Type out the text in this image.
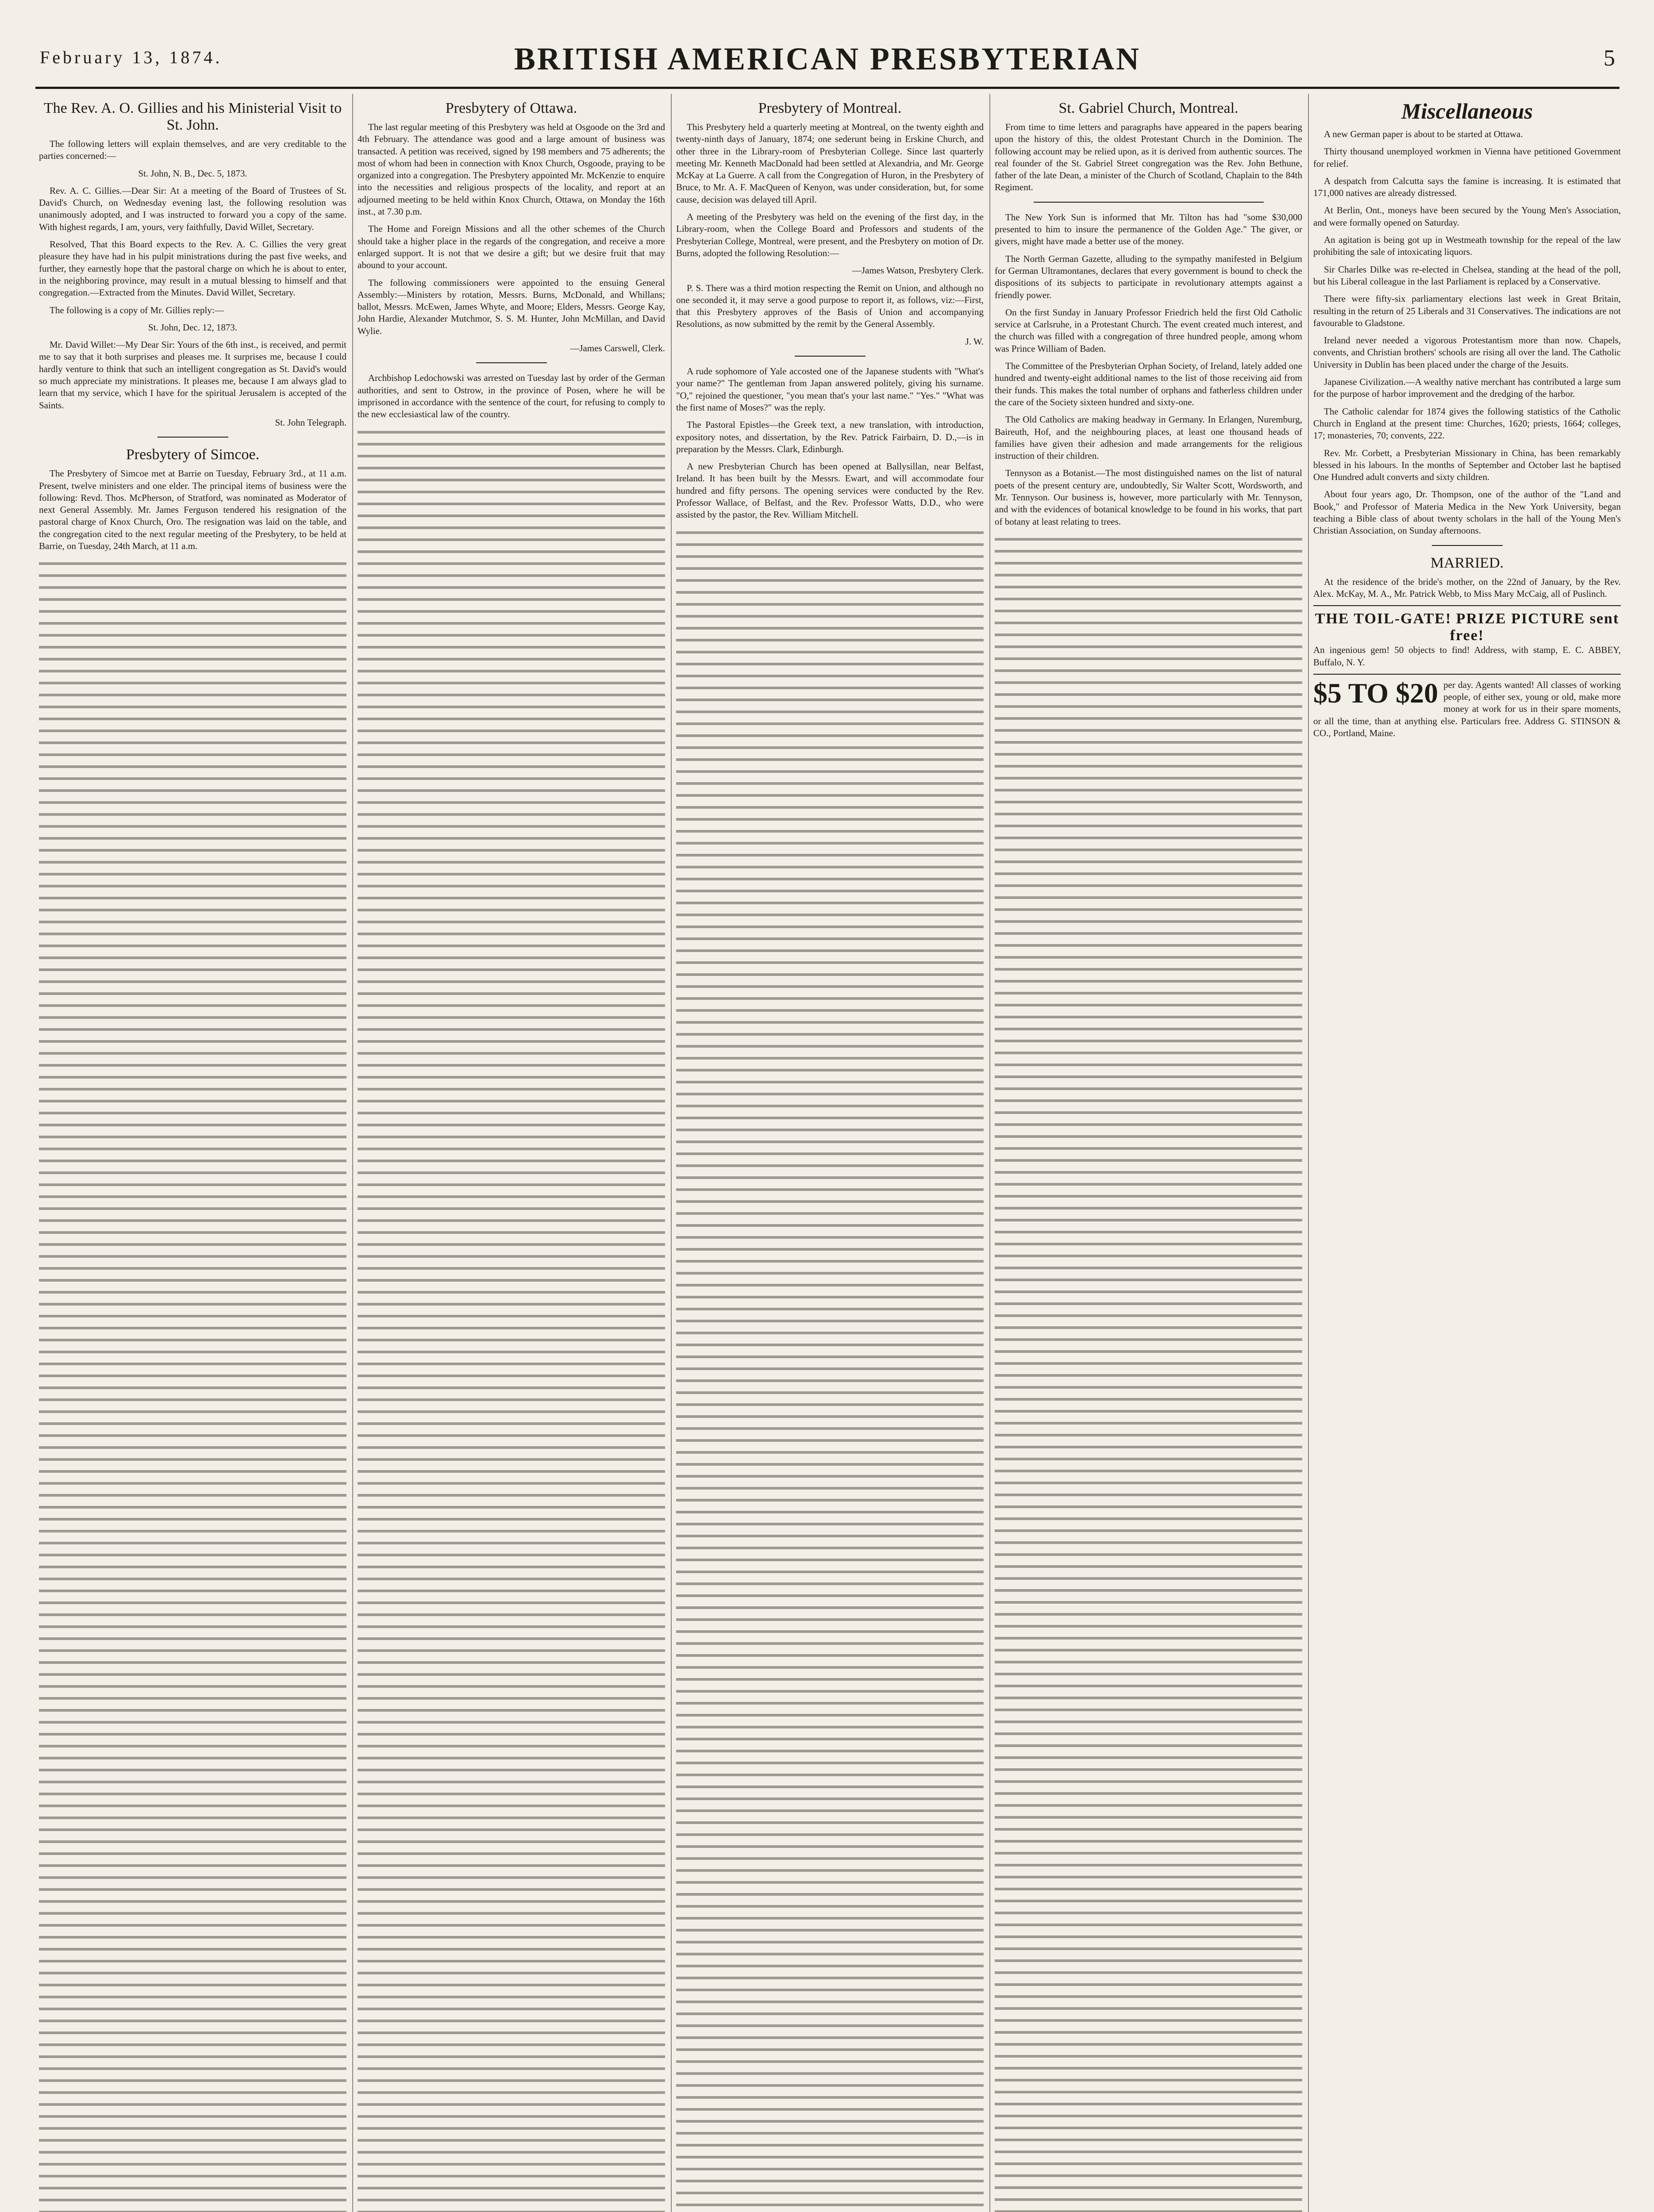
February 13, 1874.	BRITISH AMERICAN PRESBYTERIAN	5
The Rev. A. O. Gillies and his Ministerial Visit to St. John.

The following letters will explain themselves, and are very creditable to the parties concerned:—

St. John, N. B., Dec. 5, 1873.

Rev. A. C. Gillies.—Dear Sir: At a meeting of the Board of Trustees of St. David's Church, on Wednesday evening last, the following resolution was unanimously adopted, and I was instructed to forward you a copy of the same. With highest regards, I am, yours, very faithfully, David Willet, Secretary.

Resolved, That this Board expects to the Rev. A. C. Gillies the very great pleasure they have had in his pulpit ministrations during the past five weeks, and further, they earnestly hope that the pastoral charge on which he is about to enter, in the neighboring province, may result in a mutual blessing to himself and that congregation.—Extracted from the Minutes. David Willet, Secretary.

The following is a copy of Mr. Gillies reply:—

St. John, Dec. 12, 1873.

Mr. David Willet:—My Dear Sir: Yours of the 6th inst., is received, and permit me to say that it both surprises and pleases me. It surprises me, because I could hardly venture to think that such an intelligent congregation as St. David's would so much appreciate my ministrations. It pleases me, because I am always glad to learn that my service, which I have for the spiritual Jerusalem is accepted of the Saints.

St. John Telegraph.

Presbytery of Simcoe.

The Presbytery of Simcoe met at Barrie on Tuesday, February 3rd., at 11 a.m. Present, twelve ministers and one elder. The principal items of business were the following: Revd. Thos. McPherson, of Stratford, was nominated as Moderator of next General Assembly. Mr. James Ferguson tendered his resignation of the pastoral charge of Knox Church, Oro. The resignation was laid on the table, and the congregation cited to the next regular meeting of the Presbytery, to be held at Barrie, on Tuesday, 24th March, at 11 a.m.

Presbytery of Ottawa.

The last regular meeting of this Presbytery was held at Osgoode on the 3rd and 4th February. The attendance was good and a large amount of business was transacted. A petition was received, signed by 198 members and 75 adherents; the most of whom had been in connection with Knox Church, Osgoode, praying to be organized into a congregation. The Presbytery appointed Mr. McKenzie to enquire into the necessities and religious prospects of the locality, and report at an adjourned meeting to be held within Knox Church, Ottawa, on Monday the 16th inst., at 7.30 p.m.

The Home and Foreign Missions and all the other schemes of the Church should take a higher place in the regards of the congregation, and receive a more enlarged support. It is not that we desire a gift; but we desire fruit that may abound to your account.

The following commissioners were appointed to the ensuing General Assembly:—Ministers by rotation, Messrs. Burns, McDonald, and Whillans; ballot, Messrs. McEwen, James Whyte, and Moore; Elders, Messrs. George Kay, John Hardie, Alexander Mutchmor, S. S. M. Hunter, John McMillan, and David Wylie.

—James Carswell, Clerk.

Archbishop Ledochowski was arrested on Tuesday last by order of the German authorities, and sent to Ostrow, in the province of Posen, where he will be imprisoned in accordance with the sentence of the court, for refusing to comply to the new ecclesiastical law of the country.

Presbytery of Montreal.

This Presbytery held a quarterly meeting at Montreal, on the twenty eighth and twenty-ninth days of January, 1874; one sederunt being in Erskine Church, and other three in the Library-room of Presbyterian College. Since last quarterly meeting Mr. Kenneth MacDonald had been settled at Alexandria, and Mr. George McKay at La Guerre. A call from the Congregation of Huron, in the Presbytery of Bruce, to Mr. A. F. MacQueen of Kenyon, was under consideration, but, for some cause, decision was delayed till April.

A meeting of the Presbytery was held on the evening of the first day, in the Library-room, when the College Board and Professors and students of the Presbyterian College, Montreal, were present, and the Presbytery on motion of Dr. Burns, adopted the following Resolution:—

—James Watson, Presbytery Clerk.

P. S. There was a third motion respecting the Remit on Union, and although no one seconded it, it may serve a good purpose to report it, as follows, viz:—First, that this Presbytery approves of the Basis of Union and accompanying Resolutions, as now submitted by the remit by the General Assembly.

J. W.

A rude sophomore of Yale accosted one of the Japanese students with "What's your name?" The gentleman from Japan answered politely, giving his surname. "O," rejoined the questioner, "you mean that's your last name." "Yes." "What was the first name of Moses?" was the reply.

The Pastoral Epistles—the Greek text, a new translation, with introduction, expository notes, and dissertation, by the Rev. Patrick Fairbairn, D. D.,—is in preparation by the Messrs. Clark, Edinburgh.

A new Presbyterian Church has been opened at Ballysillan, near Belfast, Ireland. It has been built by the Messrs. Ewart, and will accommodate four hundred and fifty persons. The opening services were conducted by the Rev. Professor Wallace, of Belfast, and the Rev. Professor Watts, D.D., who were assisted by the pastor, the Rev. William Mitchell.

St. Gabriel Church, Montreal.

From time to time letters and paragraphs have appeared in the papers bearing upon the history of this, the oldest Protestant Church in the Dominion. The following account may be relied upon, as it is derived from authentic sources. The real founder of the St. Gabriel Street congregation was the Rev. John Bethune, father of the late Dean, a minister of the Church of Scotland, Chaplain to the 84th Regiment.

The New York Sun is informed that Mr. Tilton has had "some $30,000 presented to him to insure the permanence of the Golden Age." The giver, or givers, might have made a better use of the money.

The North German Gazette, alluding to the sympathy manifested in Belgium for German Ultramontanes, declares that every government is bound to check the dispositions of its subjects to participate in revolutionary attempts against a friendly power.

On the first Sunday in January Professor Friedrich held the first Old Catholic service at Carlsruhe, in a Protestant Church. The event created much interest, and the church was filled with a congregation of three hundred people, among whom was Prince William of Baden.

The Committee of the Presbyterian Orphan Society, of Ireland, lately added one hundred and twenty-eight additional names to the list of those receiving aid from their funds. This makes the total number of orphans and fatherless children under the care of the Society sixteen hundred and sixty-one.

The Old Catholics are making headway in Germany. In Erlangen, Nuremburg, Baireuth, Hof, and the neighbouring places, at least one thousand heads of families have given their adhesion and made arrangements for the religious instruction of their children.

Tennyson as a Botanist.—The most distinguished names on the list of natural poets of the present century are, undoubtedly, Sir Walter Scott, Wordsworth, and Mr. Tennyson. Our business is, however, more particularly with Mr. Tennyson, and with the evidences of botanical knowledge to be found in his works, that part of botany at least relating to trees.

Miscellaneous

A new German paper is about to be started at Ottawa.

Thirty thousand unemployed workmen in Vienna have petitioned Government for relief.

A despatch from Calcutta says the famine is increasing. It is estimated that 171,000 natives are already distressed.

At Berlin, Ont., moneys have been secured by the Young Men's Association, and were formally opened on Saturday.

An agitation is being got up in Westmeath township for the repeal of the law prohibiting the sale of intoxicating liquors.

Sir Charles Dilke was re-elected in Chelsea, standing at the head of the poll, but his Liberal colleague in the last Parliament is replaced by a Conservative.

There were fifty-six parliamentary elections last week in Great Britain, resulting in the return of 25 Liberals and 31 Conservatives. The indications are not favourable to Gladstone.

Ireland never needed a vigorous Protestantism more than now. Chapels, convents, and Christian brothers' schools are rising all over the land. The Catholic University in Dublin has been placed under the charge of the Jesuits.

Japanese Civilization.—A wealthy native merchant has contributed a large sum for the purpose of harbor improvement and the dredging of the harbor.

The Catholic calendar for 1874 gives the following statistics of the Catholic Church in England at the present time: Churches, 1620; priests, 1664; colleges, 17; monasteries, 70; convents, 222.

Rev. Mr. Corbett, a Presbyterian Missionary in China, has been remarkably blessed in his labours. In the months of September and October last he baptised One Hundred adult converts and sixty children.

About four years ago, Dr. Thompson, one of the author of the "Land and Book," and Professor of Materia Medica in the New York University, began teaching a Bible class of about twenty scholars in the hall of the Young Men's Christian Association, on Sunday afternoons.

MARRIED.

At the residence of the bride's mother, on the 22nd of January, by the Rev. Alex. McKay, M. A., Mr. Patrick Webb, to Miss Mary McCaig, all of Puslinch.

THE TOIL-GATE! PRIZE PICTURE sent free!

An ingenious gem! 50 objects to find! Address, with stamp, E. C. ABBEY, Buffalo, N. Y.

$5 TO $20 per day. Agents wanted! All classes of working people, of either sex, young or old, make more money at work for us in their spare moments, or all the time, than at anything else. Particulars free. Address G. STINSON & CO., Portland, Maine.
